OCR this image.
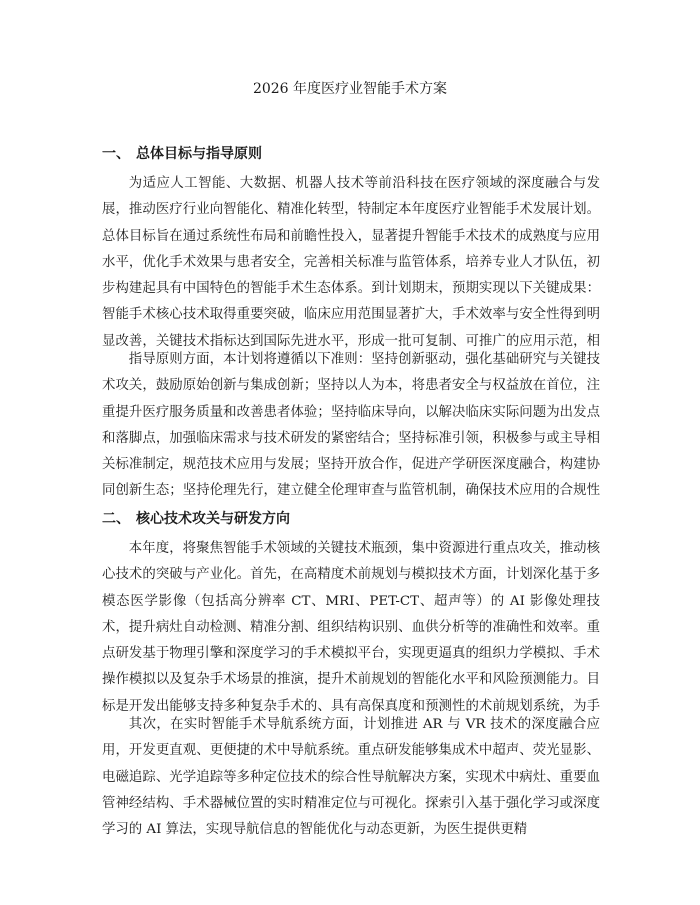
2026 年度医疗业智能手术方案
一、 总体目标与指导原则

为适应人工智能、大数据、机器人技术等前沿科技在医疗领域的深度融合与发展，推动医疗行业向智能化、精准化转型，特制定本年度医疗业智能手术发展计划。总体目标旨在通过系统性布局和前瞻性投入，显著提升智能手术技术的成熟度与应用水平，优化手术效果与患者安全，完善相关标准与监管体系，培养专业人才队伍，初步构建起具有中国特色的智能手术生态体系。到计划期末，预期实现以下关键成果：智能手术核心技术取得重要突破，临床应用范围显著扩大，手术效率与安全性得到明显改善，关键技术指标达到国际先进水平，形成一批可复制、可推广的应用示范，相

指导原则方面，本计划将遵循以下准则：坚持创新驱动，强化基础研究与关键技术攻关，鼓励原始创新与集成创新；坚持以人为本，将患者安全与权益放在首位，注重提升医疗服务质量和改善患者体验；坚持临床导向，以解决临床实际问题为出发点和落脚点，加强临床需求与技术研发的紧密结合；坚持标准引领，积极参与或主导相关标准制定，规范技术应用与发展；坚持开放合作，促进产学研医深度融合，构建协同创新生态；坚持伦理先行，建立健全伦理审查与监管机制，确保技术应用的合规性

二、 核心技术攻关与研发方向

本年度，将聚焦智能手术领域的关键技术瓶颈，集中资源进行重点攻关，推动核心技术的突破与产业化。首先，在高精度术前规划与模拟技术方面，计划深化基于多模态医学影像（包括高分辨率 CT、MRI、PET-CT、超声等）的 AI 影像处理技术，提升病灶自动检测、精准分割、组织结构识别、血供分析等的准确性和效率。重点研发基于物理引擎和深度学习的手术模拟平台，实现更逼真的组织力学模拟、手术操作模拟以及复杂手术场景的推演，提升术前规划的智能化水平和风险预测能力。目标是开发出能够支持多种复杂手术的、具有高保真度和预测性的术前规划系统，为手

其次，在实时智能手术导航系统方面，计划推进 AR 与 VR 技术的深度融合应用，开发更直观、更便捷的术中导航系统。重点研发能够集成术中超声、荧光显影、电磁追踪、光学追踪等多种定位技术的综合性导航解决方案，实现术中病灶、重要血管神经结构、手术器械位置的实时精准定位与可视化。探索引入基于强化学习或深度学习的 AI 算法，实现导航信息的智能优化与动态更新，为医生提供更精
